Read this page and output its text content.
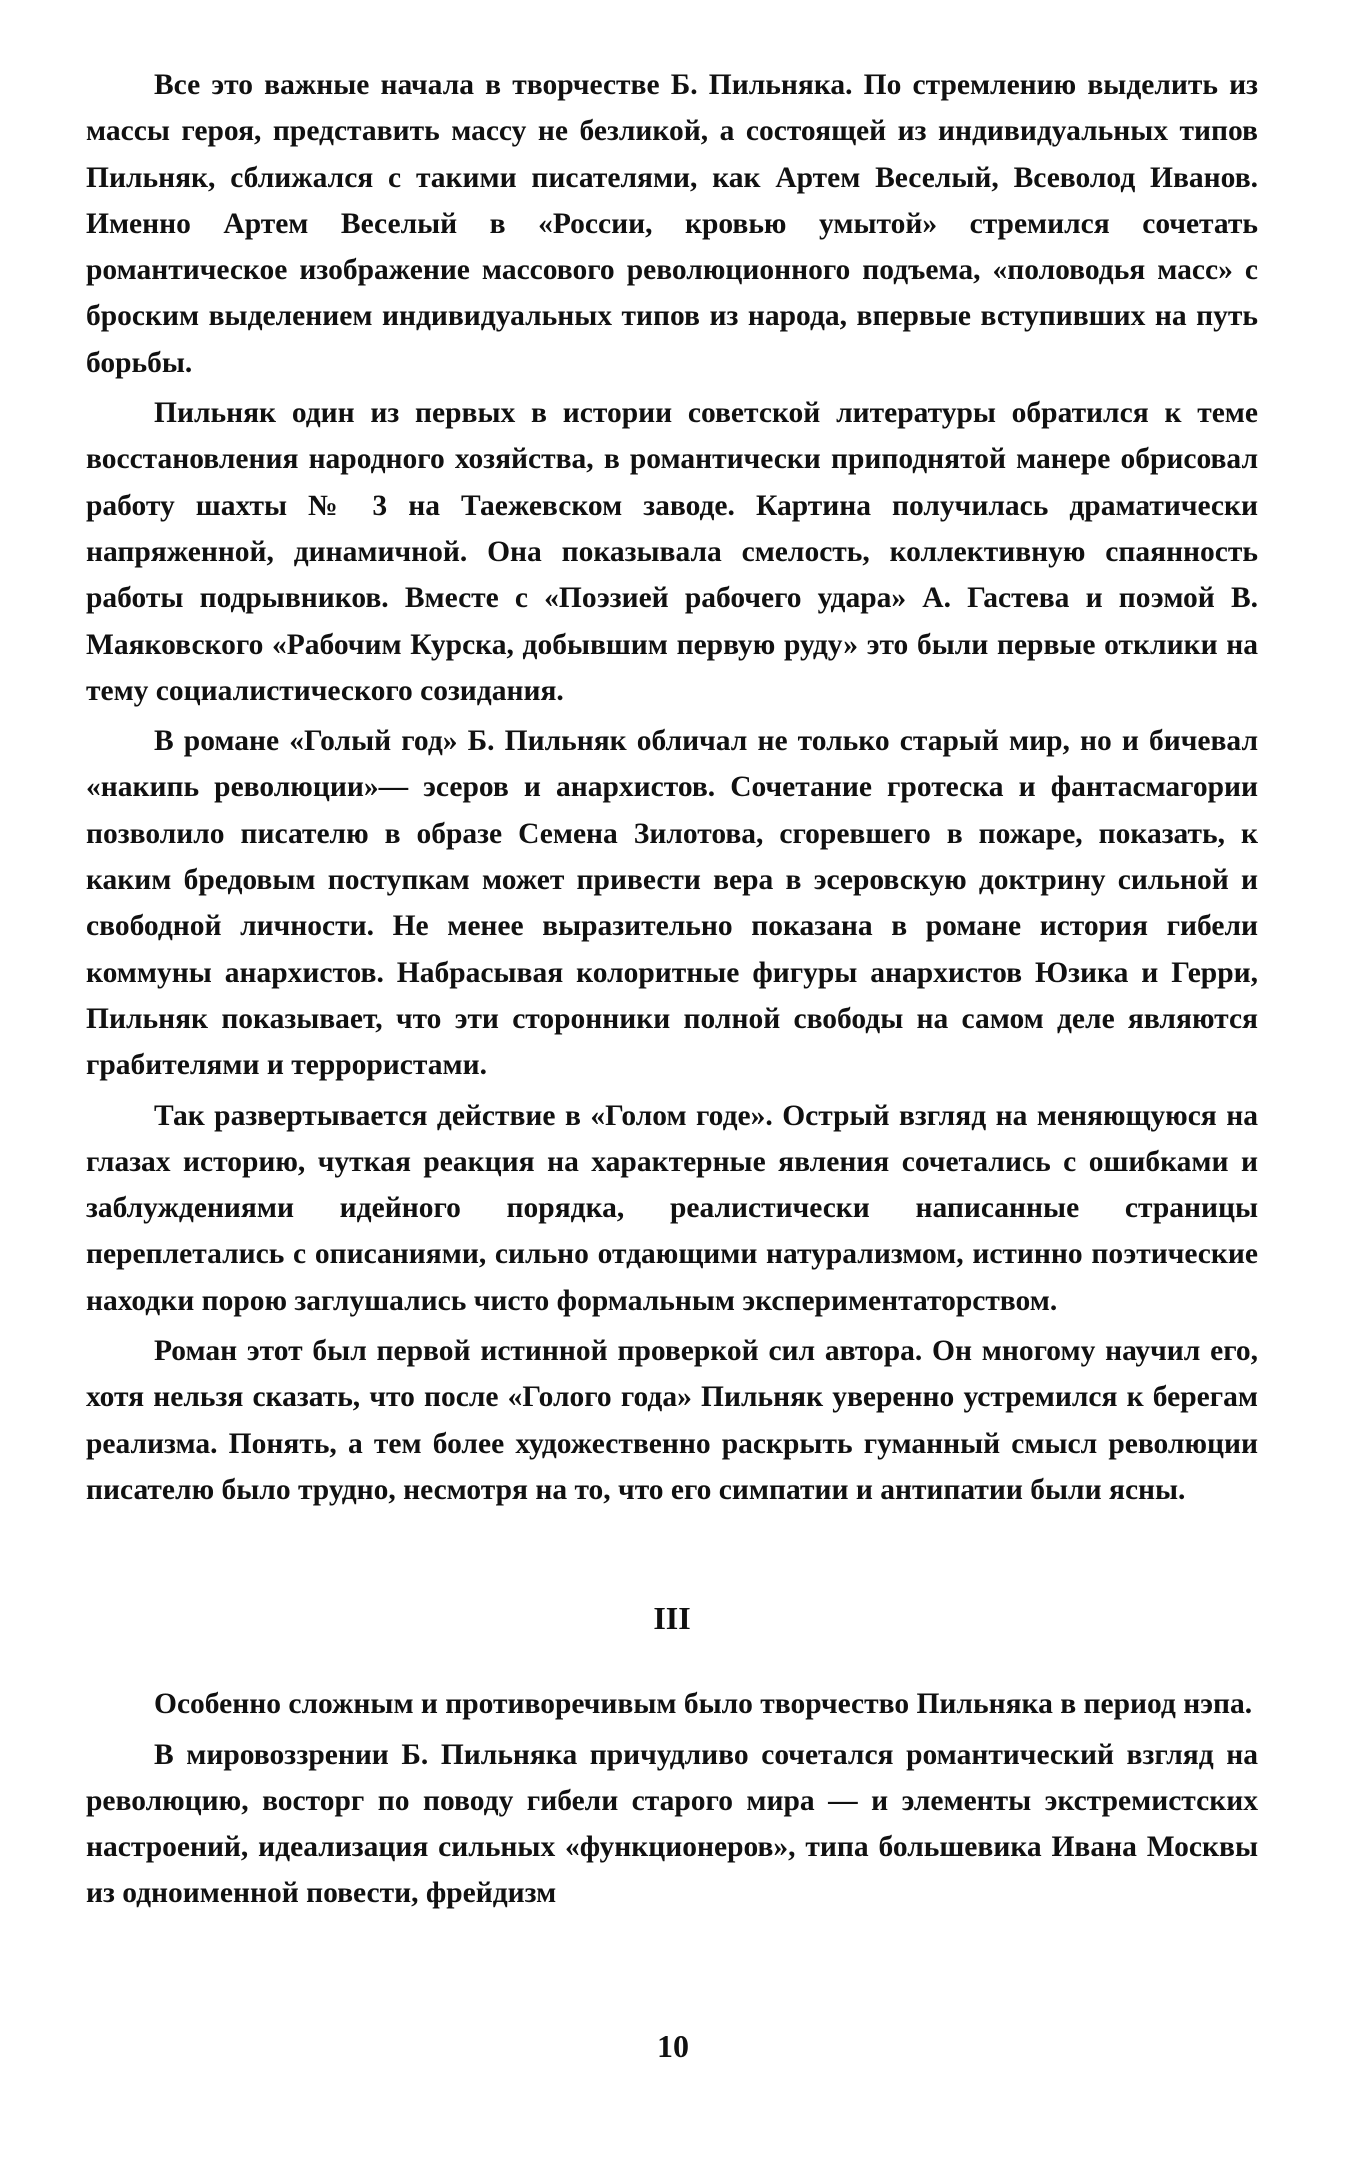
Все это важные начала в творчестве Б. Пильняка. По стремлению выделить из массы героя, представить массу не безликой, а состоящей из индивидуальных типов Пильняк, сближался с такими писателями, как Артем Веселый, Всеволод Иванов. Именно Артем Веселый в «России, кровью умытой» стремился сочетать романтическое изображение массового революционного подъема, «половодья масс» с броским выделением индивидуальных типов из народа, впервые вступивших на путь борьбы.

Пильняк один из первых в истории советской литературы обратился к теме восстановления народного хозяйства, в романтически приподнятой манере обрисовал работу шахты № 3 на Таежевском заводе. Картина получилась драматически напряженной, динамичной. Она показывала смелость, коллективную спаянность работы подрывников. Вместе с «Поэзией рабочего удара» А. Гастева и поэмой В. Маяковского «Рабочим Курска, добывшим первую руду» это были первые отклики на тему социалистического созидания.

В романе «Голый год» Б. Пильняк обличал не только старый мир, но и бичевал «накипь революции»— эсеров и анархистов. Сочетание гротеска и фантасмагории позволило писателю в образе Семена Зилотова, сгоревшего в пожаре, показать, к каким бредовым поступкам может привести вера в эсеровскую доктрину сильной и свободной личности. Не менее выразительно показана в романе история гибели коммуны анархистов. Набрасывая колоритные фигуры анархистов Юзика и Герри, Пильняк показывает, что эти сторонники полной свободы на самом деле являются грабителями и террористами.

Так развертывается действие в «Голом годе». Острый взгляд на меняющуюся на глазах историю, чуткая реакция на характерные явления сочетались с ошибками и заблуждениями идейного порядка, реалистически написанные страницы переплетались с описаниями, сильно отдающими натурализмом, истинно поэтические находки порою заглушались чисто формальным экспериментаторством.

Роман этот был первой истинной проверкой сил автора. Он многому научил его, хотя нельзя сказать, что после «Голого года» Пильняк уверенно устремился к берегам реализма. Понять, а тем более художественно раскрыть гуманный смысл революции писателю было трудно, несмотря на то, что его симпатии и антипатии были ясны.

III

Особенно сложным и противоречивым было творчество Пильняка в период нэпа.

В мировоззрении Б. Пильняка причудливо сочетался романтический взгляд на революцию, восторг по поводу гибели старого мира — и элементы экстремистских настроений, идеализация сильных «функционеров», типа большевика Ивана Москвы из одноименной повести, фрейдизм

10
